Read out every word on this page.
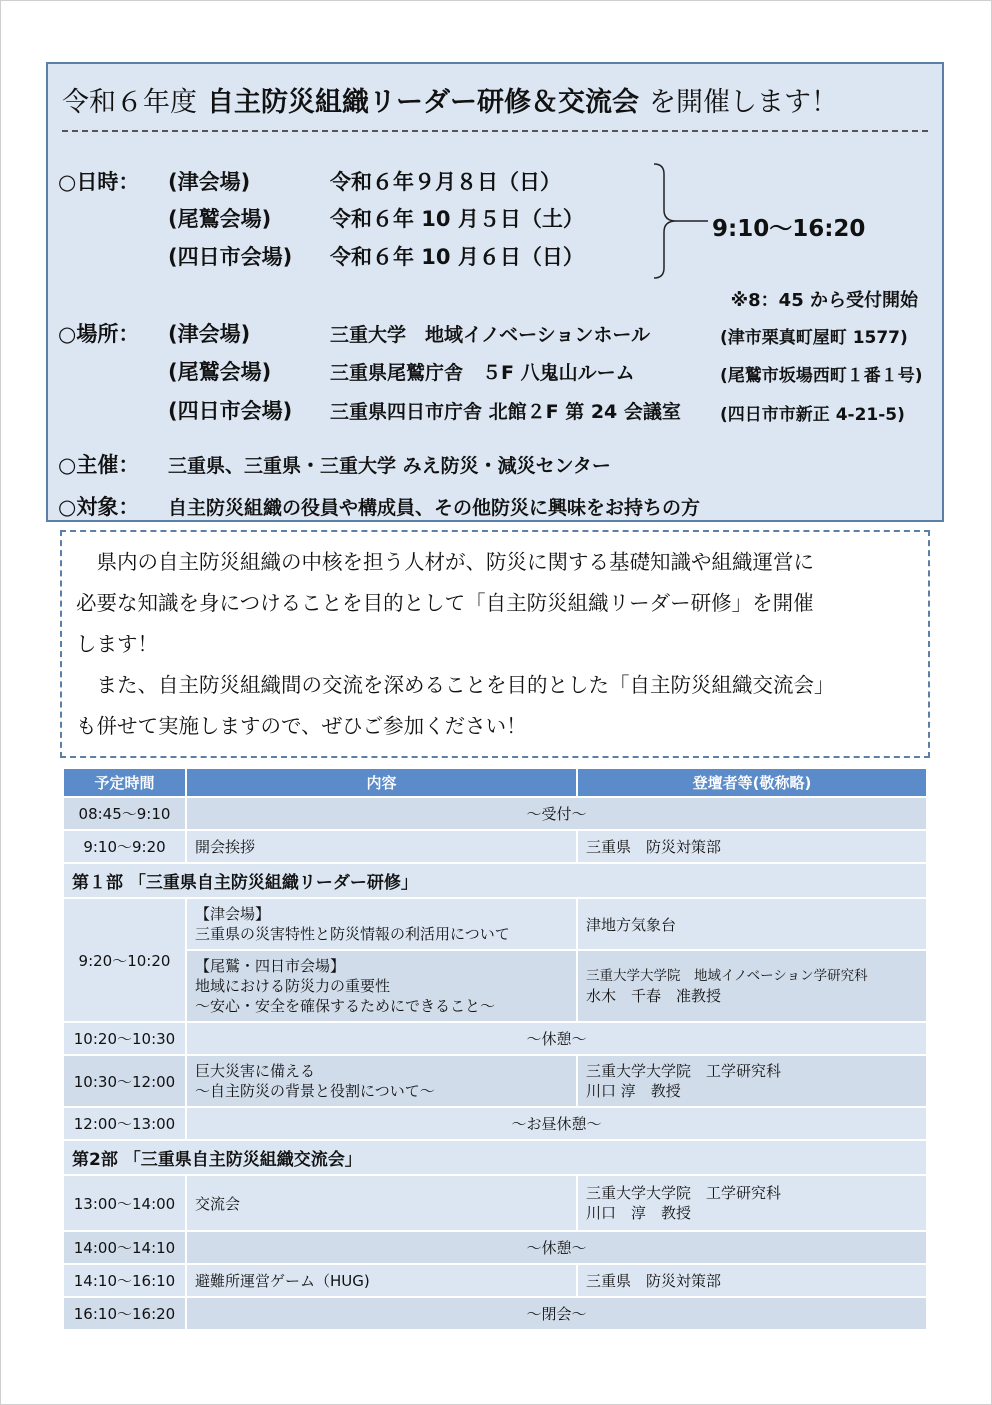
令和６年度 自主防災組織リーダー研修＆交流会 を開催します！
○日時： (津会場)	令和６年９月８日（日）
(尾鷲会場)	令和６年 10 月５日（土）
(四日市会場) 令和６年 10 月６日（日）
9:10～16:20
※8：45 から受付開始
○場所： (津会場)	三重大学　地域イノベーションホール	(津市栗真町屋町 1577)
(尾鷲会場)	三重県尾鷲庁舎　５F 八鬼山ルーム	(尾鷲市坂場西町１番１号)
(四日市会場) 三重県四日市庁舎 北館２F 第 24 会議室 (四日市市新正 4-21-5)
○主催： 三重県、三重県・三重大学 みえ防災・減災センター
○対象： 自主防災組織の役員や構成員、その他防災に興味をお持ちの方
　県内の自主防災組織の中核を担う人材が、防災に関する基礎知識や組織運営に
必要な知識を身につけることを目的として「自主防災組織リーダー研修」を開催
します！
　また、自主防災組織間の交流を深めることを目的とした「自主防災組織交流会」
も併せて実施しますので、ぜひご参加ください！
予定時間	内容	登壇者等(敬称略)
08:45～9:10	～受付～	
9:10～9:20	開会挨拶	三重県　防災対策部
第１部 「三重県自主防災組織リーダー研修」		
9:20～10:20	【津会場】
三重県の災害特性と防災情報の利活用について	津地方気象台

	【尾鷲・四日市会場】
地域における防災力の重要性
～安心・安全を確保するためにできること～	三重大学大学院　地域イノベーション学研究科
水木　千春　准教授

10:20～10:30	～休憩～	
10:30～12:00	巨大災害に備える
～自主防災の背景と役割について～	三重大学大学院　工学研究科
川口 淳　教授

12:00～13:00	～お昼休憩～	
第2部 「三重県自主防災組織交流会」		
13:00～14:00	交流会	三重大学大学院　工学研究科
川口　淳　教授

14:00～14:10	～休憩～	
14:10～16:10	避難所運営ゲーム（HUG)	三重県　防災対策部
16:10～16:20	～閉会～	
